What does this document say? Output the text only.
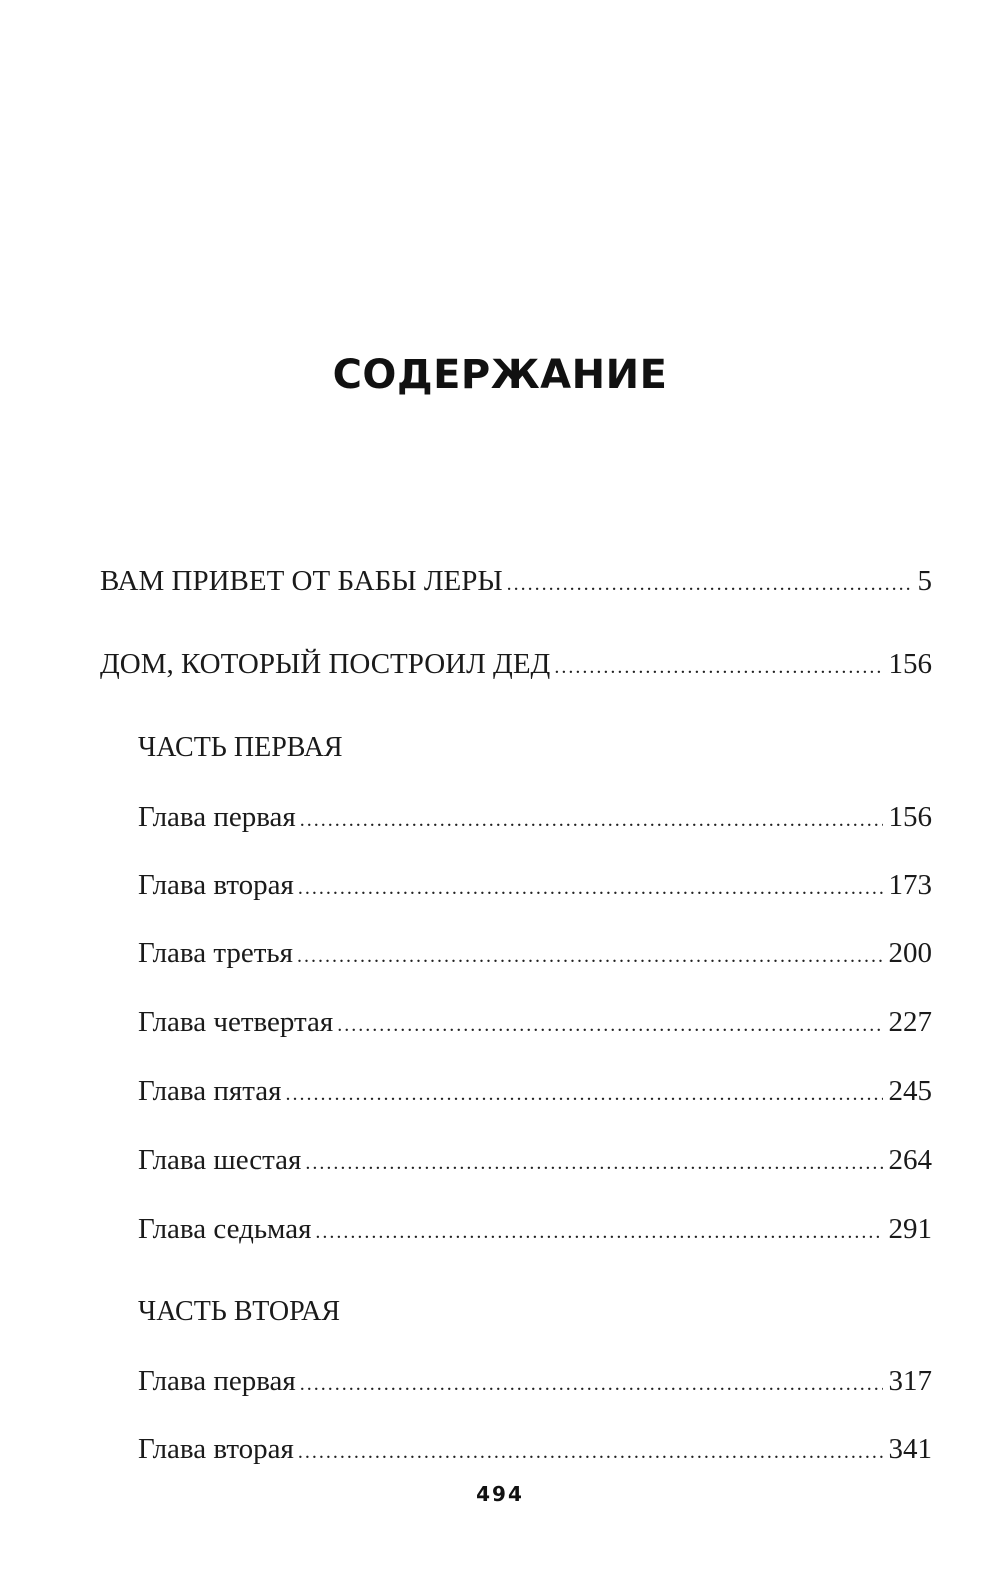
СОДЕРЖАНИЕ
ВАМ ПРИВЕТ ОТ БАБЫ ЛЕРЫ .....	5
ДОМ, КОТОРЫЙ ПОСТРОИЛ ДЕД .....	156
ЧАСТЬ ПЕРВАЯ
Глава первая .....	156
Глава вторая .....	173
Глава третья .....	200
Глава четвертая .....	227
Глава пятая .....	245
Глава шестая .....	264
Глава седьмая .....	291
ЧАСТЬ ВТОРАЯ
Глава первая .....	317
Глава вторая .....	341
494
